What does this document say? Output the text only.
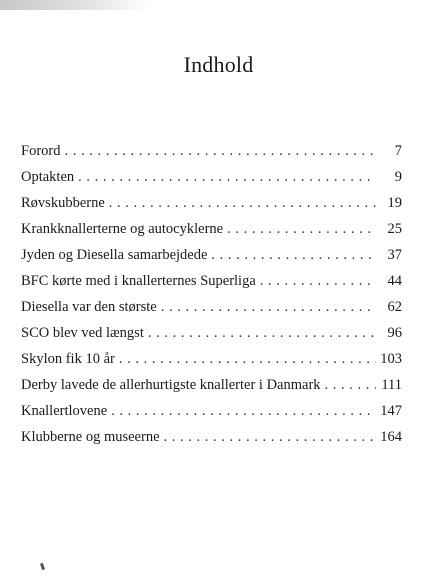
Indhold
Forord . . .	7
Optakten . . .	9
Røvskubberne . . .	19
Krankknallerterne og autocyklerne . . .	25
Jyden og Diesella samarbejdede . . .	37
BFC kørte med i knallerternes Superliga . . .	44
Diesella var den største . . .	62
SCO blev ved længst . . .	96
Skylon fik 10 år . . .	103
Derby lavede de allerhurtigste knallerter i Danmark . . .	111
Knallertlovene . . .	147
Klubberne og museerne . . .	164
